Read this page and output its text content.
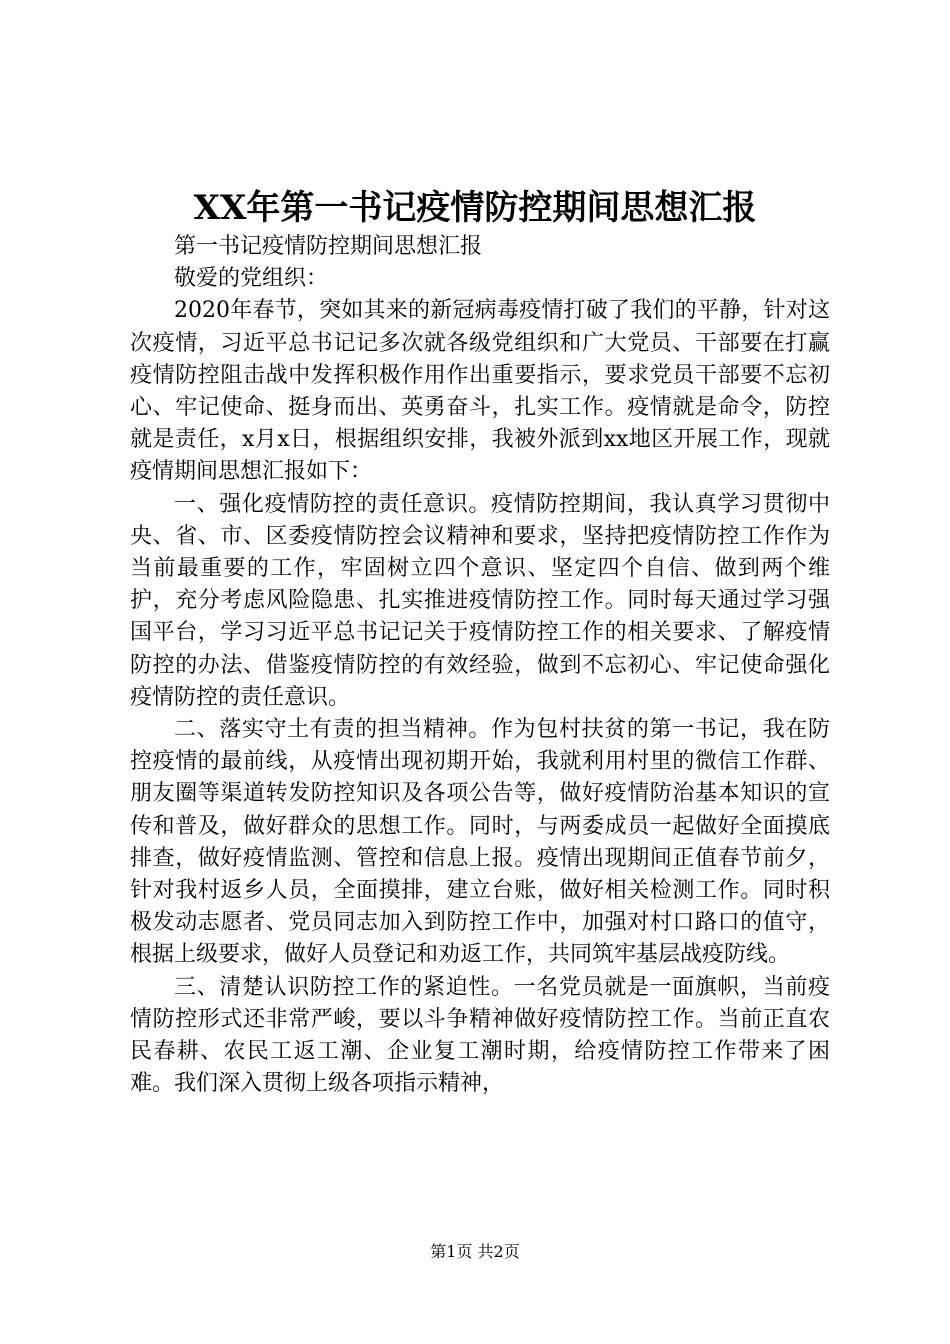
XX年第一书记疫情防控期间思想汇报

第一书记疫情防控期间思想汇报

敬爱的党组织：

2020年春节，突如其来的新冠病毒疫情打破了我们的平静，针对这次疫情，习近平总书记记多次就各级党组织和广大党员、干部要在打赢疫情防控阻击战中发挥积极作用作出重要指示，要求党员干部要不忘初心、牢记使命、挺身而出、英勇奋斗，扎实工作。疫情就是命令，防控就是责任，x月x日，根据组织安排，我被外派到xx地区开展工作，现就疫情期间思想汇报如下：

一、强化疫情防控的责任意识。疫情防控期间，我认真学习贯彻中央、省、市、区委疫情防控会议精神和要求，坚持把疫情防控工作作为当前最重要的工作，牢固树立四个意识、坚定四个自信、做到两个维护，充分考虑风险隐患、扎实推进疫情防控工作。同时每天通过学习强国平台，学习习近平总书记记关于疫情防控工作的相关要求、了解疫情防控的办法、借鉴疫情防控的有效经验，做到不忘初心、牢记使命强化疫情防控的责任意识。

二、落实守土有责的担当精神。作为包村扶贫的第一书记，我在防控疫情的最前线，从疫情出现初期开始，我就利用村里的微信工作群、朋友圈等渠道转发防控知识及各项公告等，做好疫情防治基本知识的宣传和普及，做好群众的思想工作。同时，与两委成员一起做好全面摸底排查，做好疫情监测、管控和信息上报。疫情出现期间正值春节前夕，针对我村返乡人员，全面摸排，建立台账，做好相关检测工作。同时积极发动志愿者、党员同志加入到防控工作中，加强对村口路口的值守，根据上级要求，做好人员登记和劝返工作，共同筑牢基层战疫防线。

三、清楚认识防控工作的紧迫性。一名党员就是一面旗帜，当前疫情防控形式还非常严峻，要以斗争精神做好疫情防控工作。当前正直农民春耕、农民工返工潮、企业复工潮时期，给疫情防控工作带来了困难。我们深入贯彻上级各项指示精神，

第1页 共2页
